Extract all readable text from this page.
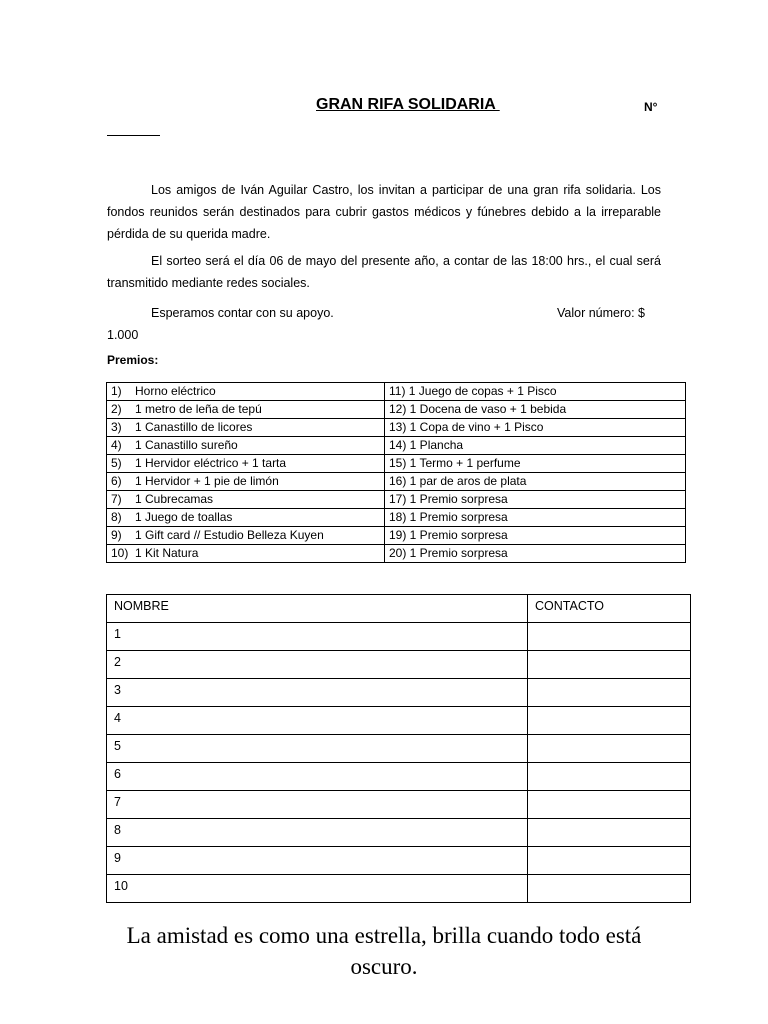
GRAN RIFA SOLIDARIA	N°
Los amigos de Iván Aguilar Castro, los invitan a participar de una gran rifa solidaria. Los fondos reunidos serán destinados para cubrir gastos médicos y fúnebres debido a la irreparable pérdida de su querida madre.
El sorteo será el día 06 de mayo del presente año, a contar de las 18:00 hrs., el cual será transmitido mediante redes sociales.
Esperamos contar con su apoyo.	Valor número: $
1.000
Premios:
1) Horno eléctrico	11) 1 Juego de copas + 1 Pisco
2) 1 metro de leña de tepú	12) 1 Docena de vaso + 1 bebida
3) 1 Canastillo de licores	13) 1 Copa de vino + 1 Pisco
4) 1 Canastillo sureño	14) 1 Plancha
5) 1 Hervidor eléctrico + 1 tarta	15) 1 Termo + 1 perfume
6) 1 Hervidor + 1 pie de limón	16) 1 par de aros de plata
7) 1 Cubrecamas	17) 1 Premio sorpresa
8) 1 Juego de toallas	18) 1 Premio sorpresa
9) 1 Gift card // Estudio Belleza Kuyen	19) 1 Premio sorpresa
10) 1 Kit Natura	20) 1 Premio sorpresa
NOMBRE	CONTACTO
1	
2	
3	
4	
5	
6	
7	
8	
9	
10	
La amistad es como una estrella, brilla cuando todo está oscuro.
